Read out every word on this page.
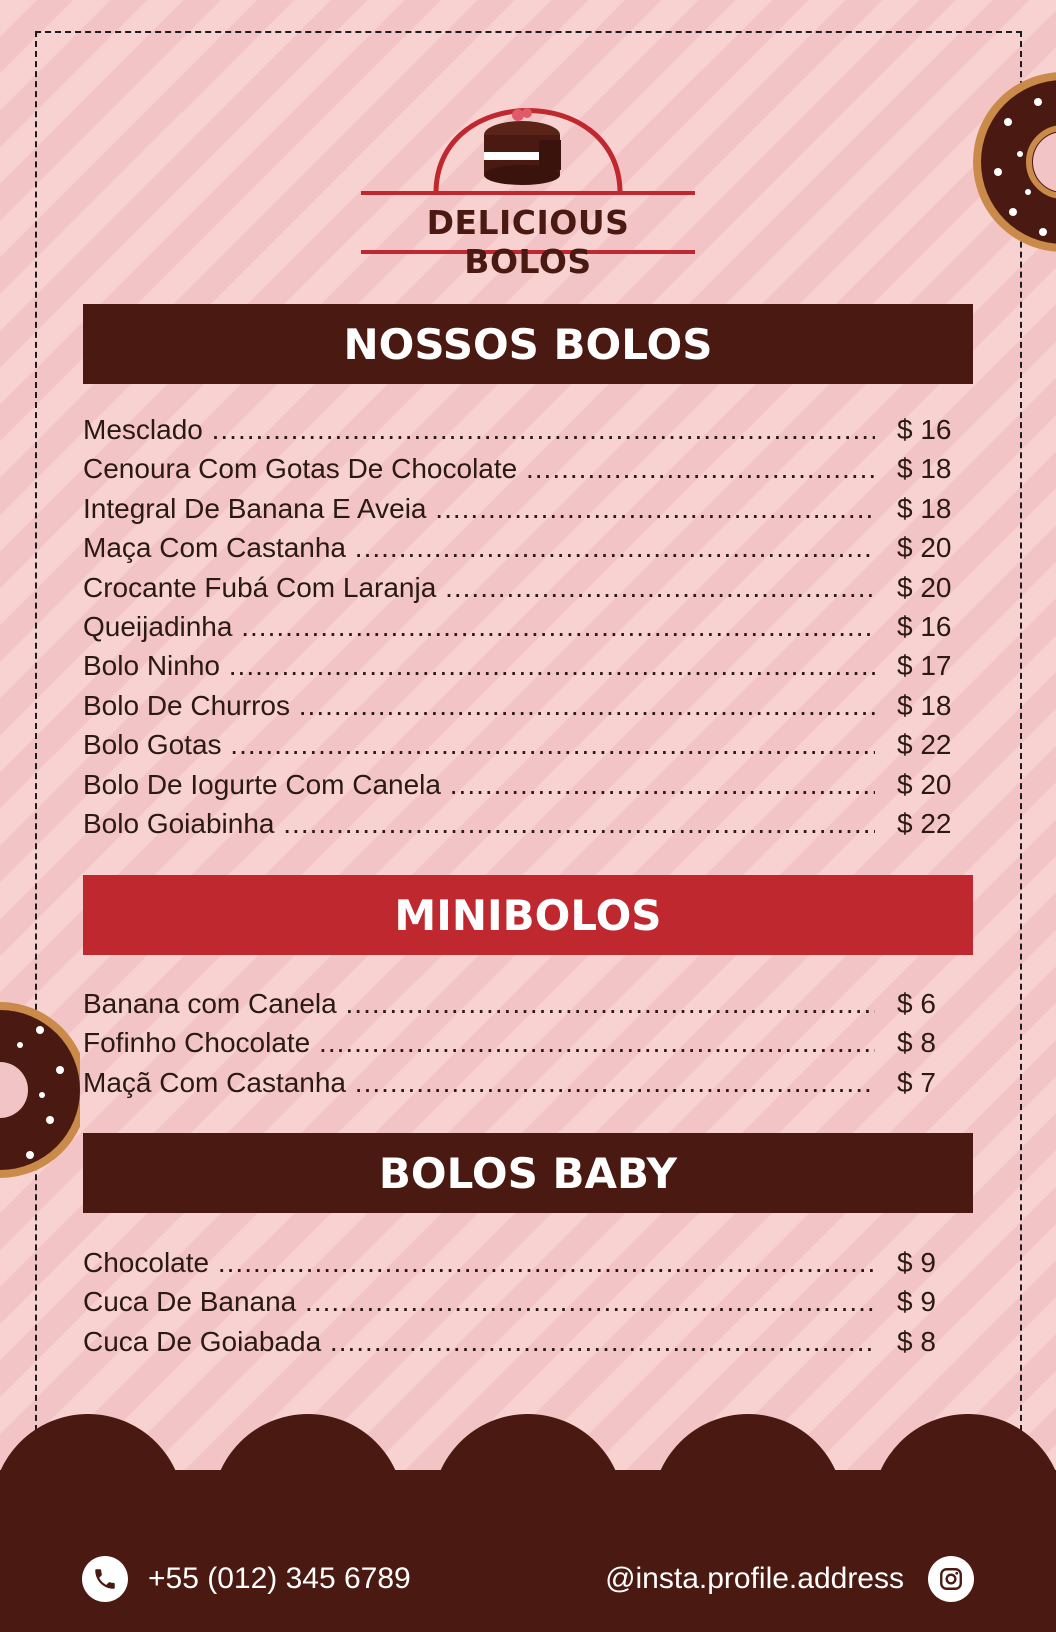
DELICIOUS BOLOS
NOSSOS BOLOS
Mesclado .....	$ 16
Cenoura Com Gotas De Chocolate .....	$ 18
Integral De Banana E Aveia .....	$ 18
Maça Com Castanha .....	$ 20
Crocante Fubá Com Laranja .....	$ 20
Queijadinha .....	$ 16
Bolo Ninho .....	$ 17
Bolo De Churros .....	$ 18
Bolo Gotas .....	$ 22
Bolo De Iogurte Com Canela .....	$ 20
Bolo Goiabinha .....	$ 22
MINIBOLOS
Banana com Canela .....	$ 6
Fofinho Chocolate .....	$ 8
Maçã Com Castanha .....	$ 7
BOLOS BABY
Chocolate .....	$ 9
Cuca De Banana .....	$ 9
Cuca De Goiabada .....	$ 8
+55 (012) 345 6789	@insta.profile.address
